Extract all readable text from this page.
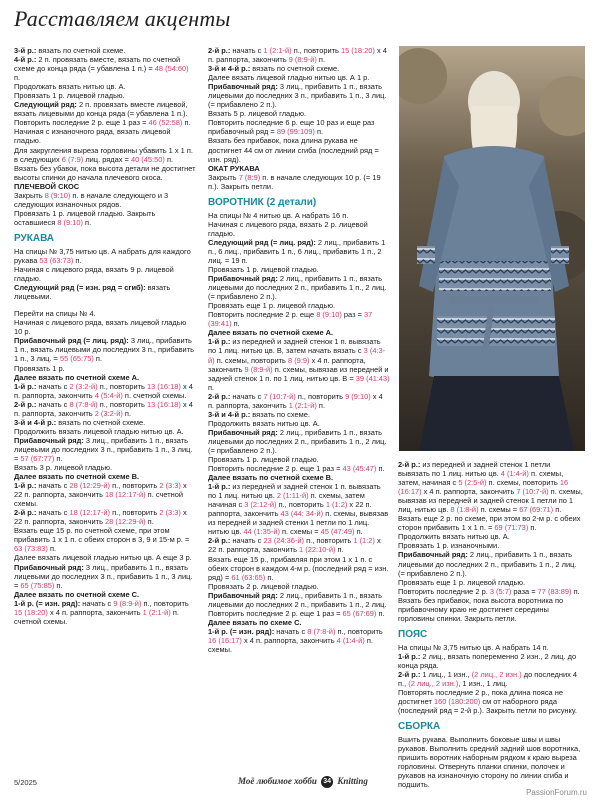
Расставляем акценты

3-й р.: вязать по счетной схеме.

4-й р.: 2 п. провязать вместе, вязать по счетной схеме до конца ряда (= убавлена 1 п.) = 48 (54:60) п.

Продолжать вязать нитью цв. А.

Провязать 1 р. лицевой гладью.

Следующий ряд: 2 п. провязать вместе лицевой, вязать лицевыми до конца ряда (= убавлена 1 п.).

Повторить последние 2 р. еще 1 раз = 46 (52:58) п.

Начиная с изнаночного ряда, вязать лицевой гладью.

Для закругления выреза горловины убавить 1 х 1 п. в следующих 6 (7:9) лиц. рядах = 40 (45:50) п. Вязать без убавок, пока высота детали не достигнет высоты спинки до начала плечевого скоса.

ПЛЕЧЕВОЙ СКОС

Закрыть 8 (9:10) п. в начале следующего и 3 следующих изнаночных рядов.

Провязать 1 р. лицевой гладью. Закрыть оставшиеся 8 (9:10) п.

РУКАВА

На спицы № 3,75 нитью цв. А набрать для каждого рукава 53 (63:73) п.

Начиная с лицевого ряда, вязать 9 р. лицевой гладью.

Следующий ряд (= изн. ряд = сгиб): вязать лицевыми.

Перейти на спицы № 4.

Начиная с лицевого ряда, вязать лицевой гладью 10 р.

Прибавочный ряд (= лиц. ряд): 3 лиц., прибавить 1 п., вязать лицевыми до последних 3 п., прибавить 1 п., 3 лиц. = 55 (65:75) п.

Провязать 1 р.

Далее вязать по счетной схеме А.

1-й р.: начать с 2 (3:2-й) п., повторить 13 (16:18) х 4 п. раппорта, закончить 4 (5:4-й) п. счетной схемы.

2-й р.: начать с 8 (7:8-й) п., повторить 13 (16:18) х 4 п. раппорта, закончить 2 (3:2-й) п.

3-й и 4-й р.: вязать по счетной схеме.

Продолжить вязать лицевой гладью нитью цв. А.

Прибавочный ряд: 3 лиц., прибавить 1 п., вязать лицевыми до последних 3 п., прибавить 1 п., 3 лиц. = 57 (67:77) п.

Вязать 3 р. лицевой гладью.

Далее вязать по счетной схеме B.

1-й р.: начать с 28 (12:29-й) п., повторить 2 (3:3) х 22 п. раппорта, закончить 18 (12:17-й) п. счетной схемы.

2-й р.: начать с 18 (12:17-й) п., повторить 2 (3:3) х 22 п. раппорта, закончить 28 (12:29-й) п.

Вязать еще 15 р. по счетной схеме, при этом прибавить 1 х 1 п. с обеих сторон в 3, 9 и 15-м р. = 63 (73:83) п.

Далее вязать лицевой гладью нитью цв. А еще 3 р.

Прибавочный ряд: 3 лиц., прибавить 1 п., вязать лицевыми до последних 3 п., прибавить 1 п., 3 лиц. = 65 (75:85) п.

Далее вязать по счетной схеме C.

1-й р. (= изн. ряд): начать с 9 (8:9-й) п., повторить 15 (18:20) х 4 п. раппорта, закончить 1 (2:1-й) п. счетной схемы.

2-й р.: начать с 1 (2:1-й) п., повторить 15 (18:20) х 4 п. раппорта, закончить 9 (8:9-й) п.

3-й и 4-й р.: вязать по счетной схеме.

Далее вязать лицевой гладью нитью цв. А 1 р.

Прибавочный ряд: 3 лиц., прибавить 1 п., вязать лицевыми до последних 3 п., прибавить 1 п., 3 лиц. (= прибавлено 2 п.).

Вязать 5 р. лицевой гладью.

Повторить последние 6 р. еще 10 раз и еще раз прибавочный ряд = 89 (99:109) п.

Вязать без прибавок, пока длина рукава не достигнет 44 см от линии сгиба (последний ряд = изн. ряд).

ОКАТ РУКАВА

Закрыть 7 (8:9) п. в начале следующих 10 р. (= 19 п.). Закрыть петли.

ВОРОТНИК (2 детали)

На спицы № 4 нитью цв. А набрать 16 п.

Начиная с лицевого ряда, вязать 2 р. лицевой гладью.

Следующий ряд (= лиц. ряд): 2 лиц., прибавить 1 п., 6 лиц., прибавить 1 п., 6 лиц., прибавить 1 п., 2 лиц. = 19 п.

Провязать 1 р. лицевой гладью.

Прибавочный ряд: 2 лиц., прибавить 1 п., вязать лицевыми до последних 2 п., прибавить 1 п., 2 лиц. (= прибавлено 2 п.).

Провязать еще 1 р. лицевой гладью.

Повторить последние 2 р. еще 8 (9:10) раз = 37 (39:41) п.

Далее вязать по счетной схеме A.

1-й р.: из передней и задней стенок 1 п. вывязать по 1 лиц. нитью цв. B, затем начать вязать с 3 (4:3-й) п. схемы, повторить 8 (9:9) х 4 п. раппорта, закончить 9 (8:9-й) п. схемы, вывязав из передней и задней стенок 1 п. по 1 лиц. нитью цв. B = 39 (41:43) п.

2-й р.: начать с 7 (10:7-й) п., повторить 9 (9:10) х 4 п. раппорта, закончить 1 (2:1-й) п.

3-й и 4-й р.: вязать по схеме.

Продолжить вязать нитью цв. А.

Прибавочный ряд: 2 лиц., прибавить 1 п., вязать лицевыми до последних 2 п., прибавить 1 п., 2 лиц. (= прибавлено 2 п.).

Провязать 1 р. лицевой гладью.

Повторить последние 2 р. еще 1 раз = 43 (45:47) п.

Далее вязать по счетной схеме B.

1-й р.: из передней и задней стенок 1 п. вывязать по 1 лиц. нитью цв. 2 (1:11-й) п. схемы, затем начиная с 3 (2:12-й) п., повторить 1 (1:2) х 22 п. раппорта, закончить 43 (44: 34-й) п. схемы, вывязав из передней и задней стенки 1 петли по 1 лиц. нитью цв. 44 (1:35-й) п. схемы = 45 (47:49) п.

2-й р.: начать с 23 (24:36-й) п., повторить 1 (1:2) х 22 п. раппорта, закончить 1 (22:10-й) п.

Вязать еще 15 р., прибавляя при этом 1 х 1 п. с обеих сторон в каждом 4-м р. (последний ряд = изн. ряд) = 61 (63:65) п.

Провязать 2 р. лицевой гладью.

Прибавочный ряд: 2 лиц., прибавить 1 п., вязать лицевыми до последних 2 п., прибавить 1 п., 2 лиц.

Повторить последние 2 р. еще 1 раз = 65 (67:69) п.

Далее вязать по схеме C.

1-й р. (= изн. ряд): начать с 8 (7:8-й) п., повторить 16 (16:17) х 4 п. раппорта, закончить 4 (1:4-й) п. схемы.

2-й р.: из передней и задней стенок 1 петли вывязать по 1 лиц. нитью цв. 4 (1:4-й) п. схемы, затем, начиная с 5 (2:5-й) п. схемы, повторить 16 (16:17) х 4 п. раппорта, закончить 7 (10:7-й) п. схемы, вывязав из передней и задней стенок 1 петли по 1 лиц. нитью цв. 8 (1:8-й) п. схемы = 67 (69:71) п.

Вязать еще 2 р. по схеме, при этом во 2-м р. с обеих сторон прибавить 1 х 1 п. = 69 (71:73) п.

Продолжить вязать нитью цв. А.

Провязать 1 р. изнаночными.

Прибавочный ряд: 2 лиц., прибавить 1 п., вязать лицевыми до последних 2 п., прибавить 1 п., 2 лиц. (= прибавлено 2 п.).

Провязать еще 1 р. лицевой гладью.

Повторить последние 2 р. 3 (5:7) раза = 77 (83:89) п.

Вязать без прибавок, пока высота воротника по прибавочному краю не достигнет середины горловины спинки. Закрыть петли.

ПОЯС

На спицы № 3,75 нитью цв. А набрать 14 п.

1-й р.: 2 лиц., вязать попеременно 2 изн., 2 лиц. до конца ряда.

2-й р.: 1 лиц., 1 изн., (2 лиц., 2 изн.) до последних 4 п., (2 лиц., 2 изн.), 1 изн., 1 лиц.

Повторять последние 2 р., пока длина пояса не достигнет 160 (180:200) см от наборного ряда (последний ряд = 2-й р.). Закрыть петли по рисунку.

СБОРКА

Вшить рукава. Выполнить боковые швы и швы рукавов. Выполнить средний задний шов воротника, пришить воротник наборным рядком к краю выреза горловины. Отвернуть планки спинки, полочек и рукавов на изнаночную сторону по линии сгиба и подшить.

5/2025	Моё любимое хобби 34 Knitting
PassionForum.ru
